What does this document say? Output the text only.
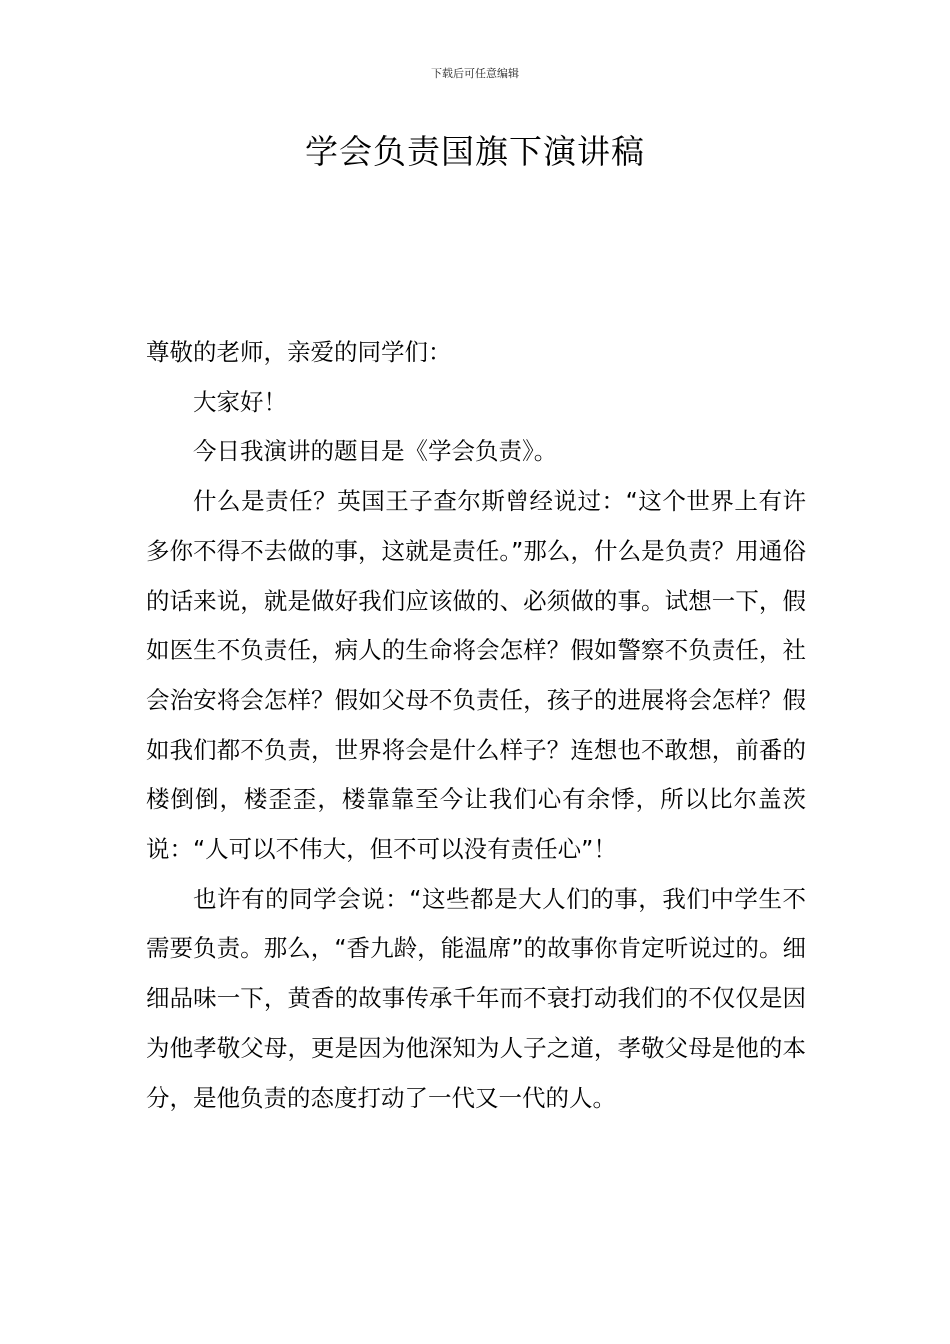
下载后可任意编辑
学会负责国旗下演讲稿

尊敬的老师，亲爱的同学们：

大家好！

今日我演讲的题目是《学会负责》。

什么是责任？英国王子查尔斯曾经说过：“这个世界上有许多你不得不去做的事，这就是责任。”那么，什么是负责？用通俗的话来说，就是做好我们应该做的、必须做的事。试想一下，假如医生不负责任，病人的生命将会怎样？假如警察不负责任，社会治安将会怎样？假如父母不负责任，孩子的进展将会怎样？假如我们都不负责，世界将会是什么样子？连想也不敢想，前番的楼倒倒，楼歪歪，楼靠靠至今让我们心有余悸，所以比尔盖茨说：“人可以不伟大，但不可以没有责任心”！

也许有的同学会说：“这些都是大人们的事，我们中学生不需要负责。那么，“香九龄，能温席”的故事你肯定听说过的。细细品味一下，黄香的故事传承千年而不衰打动我们的不仅仅是因为他孝敬父母，更是因为他深知为人子之道，孝敬父母是他的本分，是他负责的态度打动了一代又一代的人。
